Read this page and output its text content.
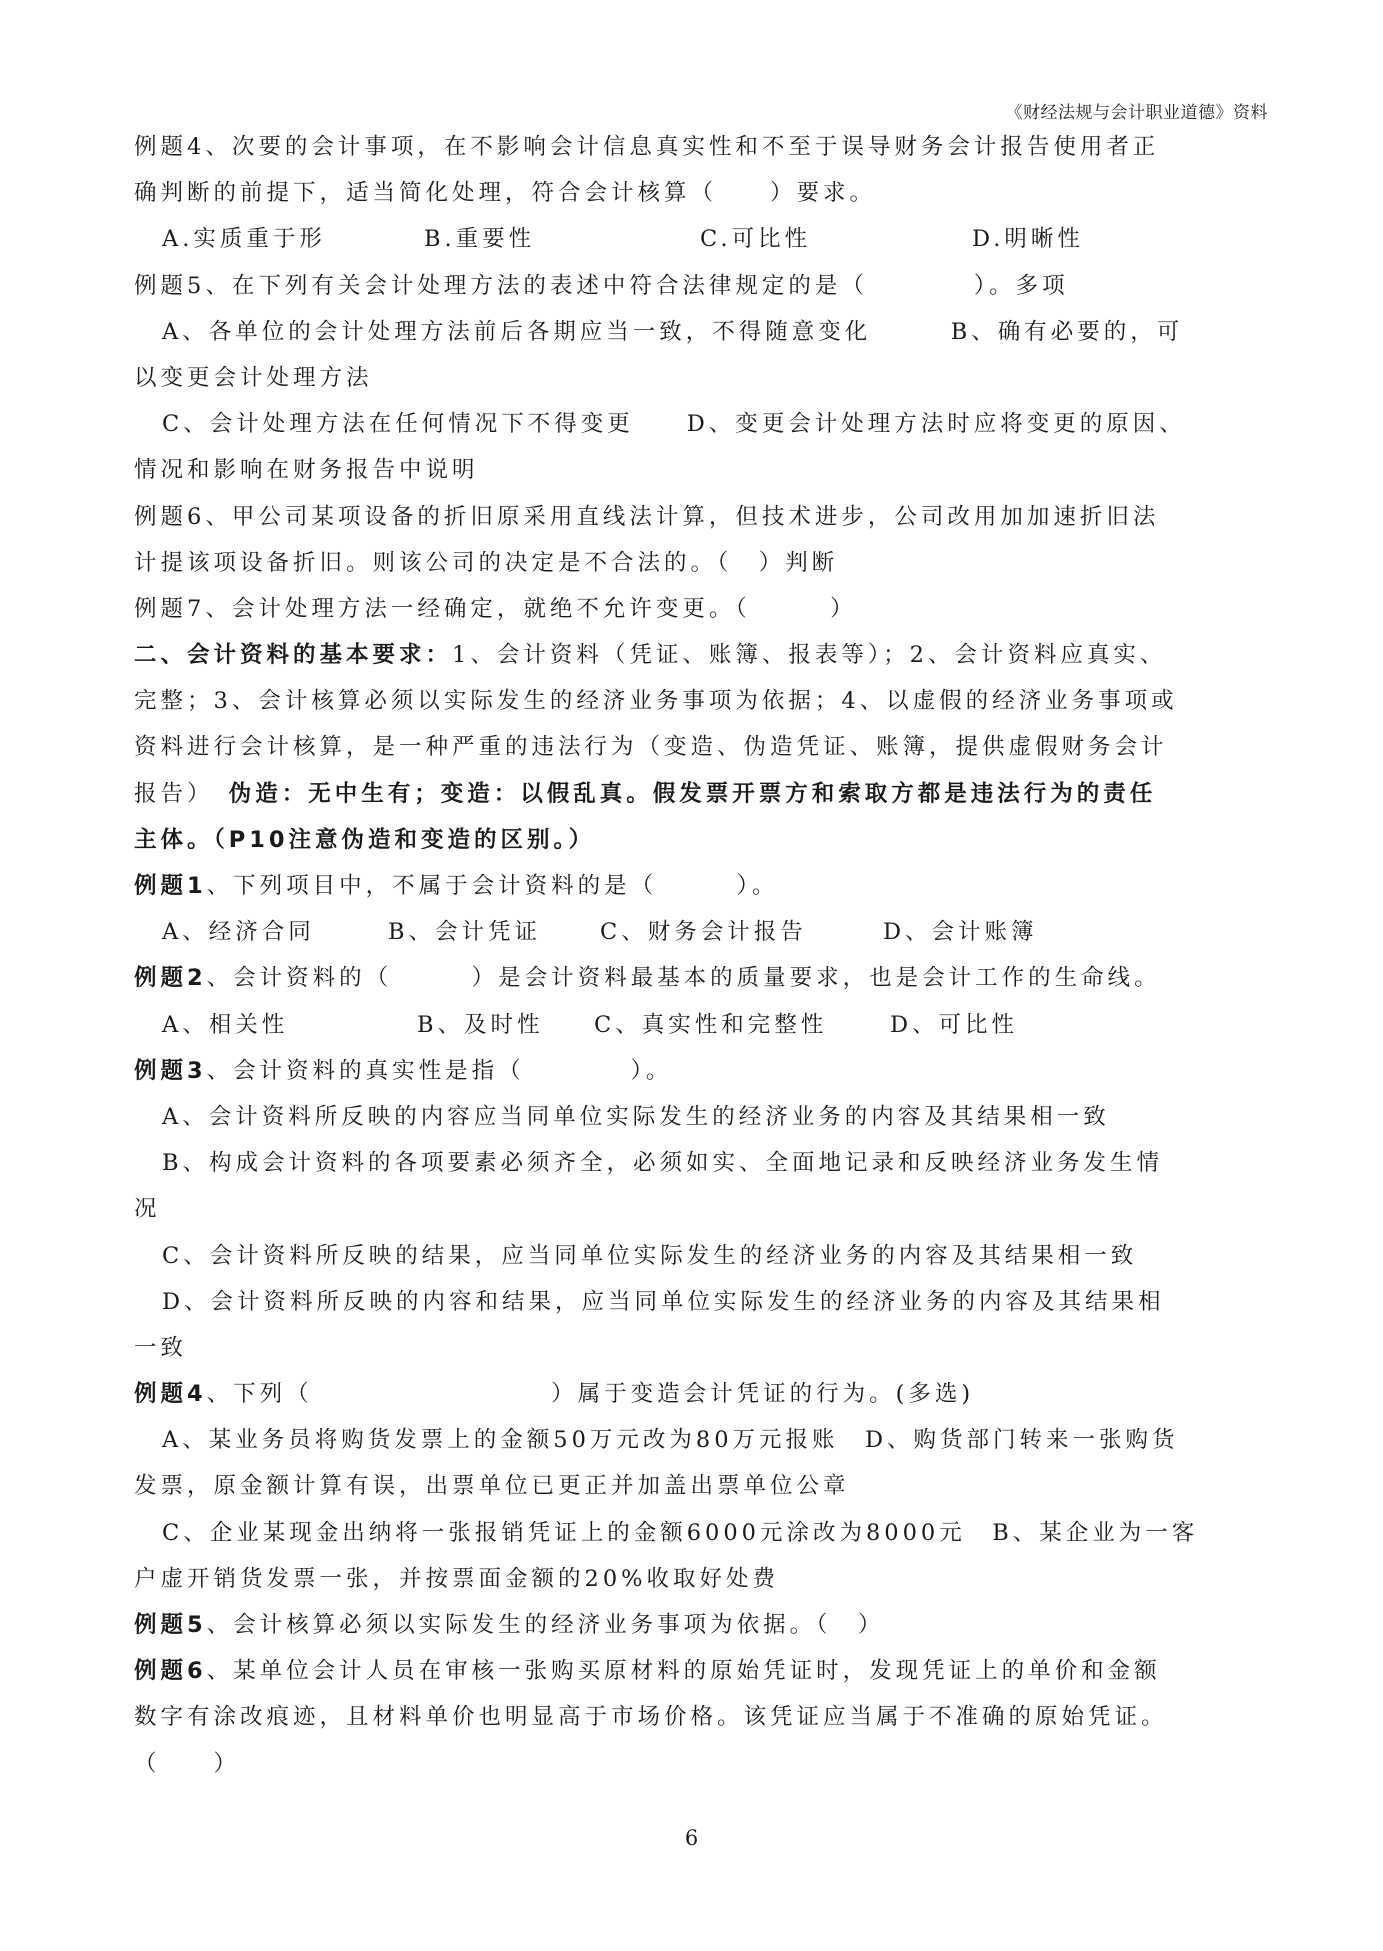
《财经法规与会计职业道德》资料
例题4、次要的会计事项，在不影响会计信息真实性和不至于误导财务会计报告使用者正
确判断的前提下，适当简化处理，符合会计核算（　　）要求。
A.实质重于形	B.重要性	C.可比性	D.明晰性
例题5、在下列有关会计处理方法的表述中符合法律规定的是（　　　　）。多项
A、各单位的会计处理方法前后各期应当一致，不得随意变化　　　B、确有必要的，可
以变更会计处理方法
C、会计处理方法在任何情况下不得变更　　D、变更会计处理方法时应将变更的原因、
情况和影响在财务报告中说明
例题6、甲公司某项设备的折旧原采用直线法计算，但技术进步，公司改用加加速折旧法
计提该项设备折旧。则该公司的决定是不合法的。（　）判断
例题7、会计处理方法一经确定，就绝不允许变更。（　　　）
二、会计资料的基本要求：1、会计资料（凭证、账簿、报表等）；2、会计资料应真实、
完整；3、会计核算必须以实际发生的经济业务事项为依据；4、以虚假的经济业务事项或
资料进行会计核算，是一种严重的违法行为（变造、伪造凭证、账簿，提供虚假财务会计
报告）　伪造：无中生有；变造：以假乱真。假发票开票方和索取方都是违法行为的责任
主体。（P10注意伪造和变造的区别。）
例题1、下列项目中，不属于会计资料的是（　　　）。
A、经济合同	B、会计凭证	C、财务会计报告	D、会计账簿
例题2、会计资料的（　　　）是会计资料最基本的质量要求，也是会计工作的生命线。
A、相关性	B、及时性 C、真实性和完整性	D、可比性
例题3、会计资料的真实性是指（　　　　）。
A、会计资料所反映的内容应当同单位实际发生的经济业务的内容及其结果相一致
B、构成会计资料的各项要素必须齐全，必须如实、全面地记录和反映经济业务发生情
况
C、会计资料所反映的结果，应当同单位实际发生的经济业务的内容及其结果相一致
D、会计资料所反映的内容和结果，应当同单位实际发生的经济业务的内容及其结果相
一致
例题4、下列（　　　　　　　　　）属于变造会计凭证的行为。(多选)
A、某业务员将购货发票上的金额50万元改为80万元报账　D、购货部门转来一张购货
发票，原金额计算有误，出票单位已更正并加盖出票单位公章
C、企业某现金出纳将一张报销凭证上的金额6000元涂改为8000元　B、某企业为一客
户虚开销货发票一张，并按票面金额的20%收取好处费
例题5、会计核算必须以实际发生的经济业务事项为依据。（　）
例题6、某单位会计人员在审核一张购买原材料的原始凭证时，发现凭证上的单价和金额
数字有涂改痕迹，且材料单价也明显高于市场价格。该凭证应当属于不准确的原始凭证。
（　　）
6
